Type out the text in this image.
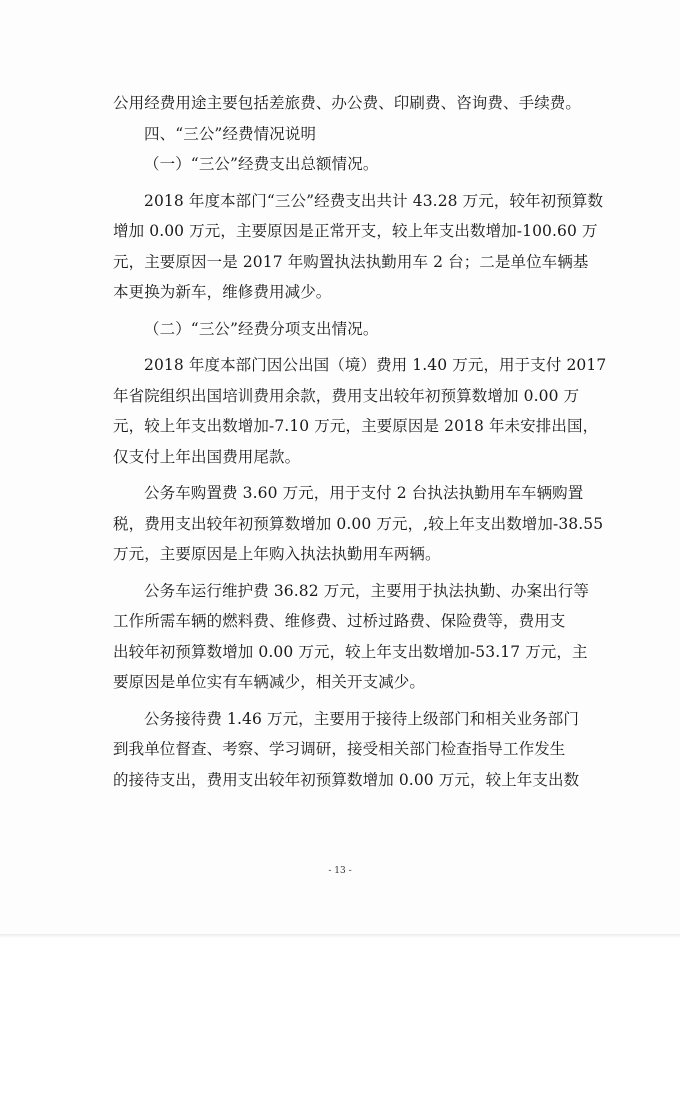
公用经费用途主要包括差旅费、办公费、印刷费、咨询费、手续费。
四、“三公”经费情况说明
（一）“三公”经费支出总额情况。
2018 年度本部门“三公”经费支出共计 43.28 万元，较年初预算数
增加 0.00 万元，主要原因是正常开支，较上年支出数增加-100.60 万
元，主要原因一是 2017 年购置执法执勤用车 2 台；二是单位车辆基
本更换为新车，维修费用减少。
（二）“三公”经费分项支出情况。
2018 年度本部门因公出国（境）费用 1.40 万元，用于支付 2017
年省院组织出国培训费用余款，费用支出较年初预算数增加 0.00 万
元，较上年支出数增加-7.10 万元，主要原因是 2018 年未安排出国，
仅支付上年出国费用尾款。
公务车购置费 3.60 万元，用于支付 2 台执法执勤用车车辆购置
税，费用支出较年初预算数增加 0.00 万元，,较上年支出数增加-38.55
万元，主要原因是上年购入执法执勤用车两辆。
公务车运行维护费 36.82 万元，主要用于执法执勤、办案出行等
工作所需车辆的燃料费、维修费、过桥过路费、保险费等，费用支
出较年初预算数增加 0.00 万元，较上年支出数增加-53.17 万元，主
要原因是单位实有车辆减少，相关开支减少。
公务接待费 1.46 万元，主要用于接待上级部门和相关业务部门
到我单位督查、考察、学习调研，接受相关部门检查指导工作发生
的接待支出，费用支出较年初预算数增加 0.00 万元，较上年支出数
- 13 -
